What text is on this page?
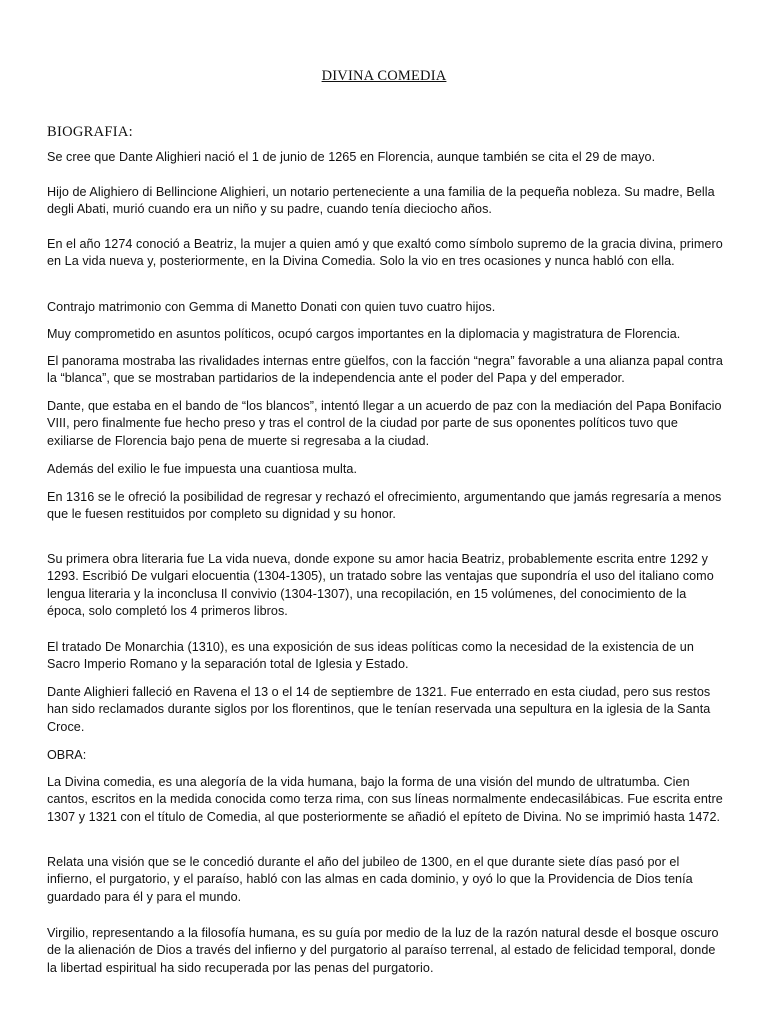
DIVINA COMEDIA
BIOGRAFIA:

Se cree que Dante Alighieri nació el 1 de junio de 1265 en Florencia, aunque también se cita el 29 de mayo.

Hijo de Alighiero di Bellincione Alighieri, un notario perteneciente a una familia de la pequeña nobleza. Su madre, Bella degli Abati, murió cuando era un niño y su padre, cuando tenía dieciocho años.

En el año 1274 conoció a Beatriz, la mujer a quien amó y que exaltó como símbolo supremo de la gracia divina, primero en La vida nueva y, posteriormente, en la Divina Comedia. Solo la vio en tres ocasiones y nunca habló con ella.

Contrajo matrimonio con Gemma di Manetto Donati con quien tuvo cuatro hijos.

Muy comprometido en asuntos políticos, ocupó cargos importantes en la diplomacia y magistratura de Florencia.

El panorama mostraba las rivalidades internas entre güelfos, con la facción “negra” favorable a una alianza papal contra la “blanca”, que se mostraban partidarios de la independencia ante el poder del Papa y del emperador.

Dante, que estaba en el bando de “los blancos”, intentó llegar a un acuerdo de paz con la mediación del Papa Bonifacio VIII, pero finalmente fue hecho preso y tras el control de la ciudad por parte de sus oponentes políticos tuvo que exiliarse de Florencia bajo pena de muerte si regresaba a la ciudad.

Además del exilio le fue impuesta una cuantiosa multa.

En 1316 se le ofreció la posibilidad de regresar y rechazó el ofrecimiento, argumentando que jamás regresaría a menos que le fuesen restituidos por completo su dignidad y su honor.

Su primera obra literaria fue La vida nueva, donde expone su amor hacia Beatriz, probablemente escrita entre 1292 y 1293. Escribió De vulgari elocuentia (1304-1305), un tratado sobre las ventajas que supondría el uso del italiano como lengua literaria y la inconclusa Il convivio (1304-1307), una recopilación, en 15 volúmenes, del conocimiento de la época, solo completó los 4 primeros libros.

El tratado De Monarchia (1310), es una exposición de sus ideas políticas como la necesidad de la existencia de un Sacro Imperio Romano y la separación total de Iglesia y Estado.

Dante Alighieri falleció en Ravena el 13 o el 14 de septiembre de 1321. Fue enterrado en esta ciudad, pero sus restos han sido reclamados durante siglos por los florentinos, que le tenían reservada una sepultura en la iglesia de la Santa Croce.

OBRA:

La Divina comedia, es una alegoría de la vida humana, bajo la forma de una visión del mundo de ultratumba. Cien cantos, escritos en la medida conocida como terza rima, con sus líneas normalmente endecasilábicas. Fue escrita entre 1307 y 1321 con el título de Comedia, al que posteriormente se añadió el epíteto de Divina. No se imprimió hasta 1472.

Relata una visión que se le concedió durante el año del jubileo de 1300, en el que durante siete días pasó por el infierno, el purgatorio, y el paraíso, habló con las almas en cada dominio, y oyó lo que la Providencia de Dios tenía guardado para él y para el mundo.

Virgilio, representando a la filosofía humana, es su guía por medio de la luz de la razón natural desde el bosque oscuro de la alienación de Dios a través del infierno y del purgatorio al paraíso terrenal, al estado de felicidad temporal, donde la libertad espiritual ha sido recuperada por las penas del purgatorio.
